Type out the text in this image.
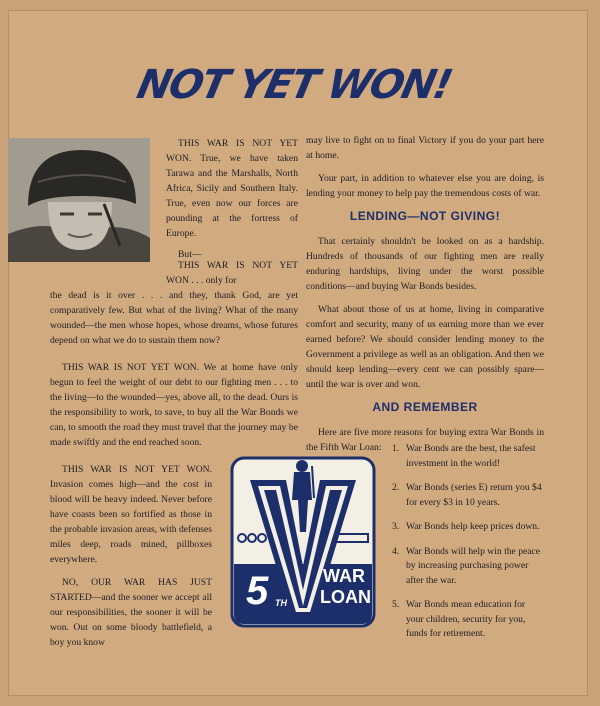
NOT YET WON!

THIS WAR IS NOT YET WON. True, we have taken Tarawa and the Marshalls, North Africa, Sicily and Southern Italy. True, even now our forces are pounding at the fortress of Europe.

But—

THIS WAR IS NOT YET WON . . . only for

the dead is it over . . . and they, thank God, are yet comparatively few. But what of the living? What of the many wounded—the men whose hopes, whose dreams, whose futures depend on what we do to sustain them now?

THIS WAR IS NOT YET WON. We at home have only begun to feel the weight of our debt to our fighting men . . . to the living—to the wounded—yes, above all, to the dead. Ours is the responsibility to work, to save, to buy all the War Bonds we can, to smooth the road they must travel that the journey may be made swiftly and the end reached soon.

THIS WAR IS NOT YET WON. Invasion comes high—and the cost in blood will be heavy indeed. Never before have coasts been so fortified as those in the probable invasion areas, with defenses miles deep, roads mined, pillboxes everywhere.

NO, OUR WAR HAS JUST STARTED—and the sooner we accept all our responsibilities, the sooner it will be won. Out on some bloody battlefield, a boy you know

may live to fight on to final Victory if you do your part here at home.

Your part, in addition to whatever else you are doing, is lending your money to help pay the tremendous costs of war.

LENDING—NOT GIVING!

That certainly shouldn't be looked on as a hardship. Hundreds of thousands of our fighting men are really enduring hardships, living under the worst possible conditions—and buying War Bonds besides.

What about those of us at home, living in comparative comfort and security, many of us earning more than we ever earned before? We should consider lending money to the Government a privilege as well as an obligation. And then we should keep lending—every cent we can possibly spare—until the war is over and won.

AND REMEMBER

Here are five more reasons for buying extra War Bonds in the Fifth War Loan:	1. War Bonds are the best, the safest investment in the world!
2. War Bonds (series E) return you $4 for every $3 in 10 years.
3. War Bonds help keep prices down.
4. War Bonds will help win the peace by increasing purchasing power after the war.
5. War Bonds mean education for your children, security for you, funds for retirement.
5 TH
WAR
LOAN
